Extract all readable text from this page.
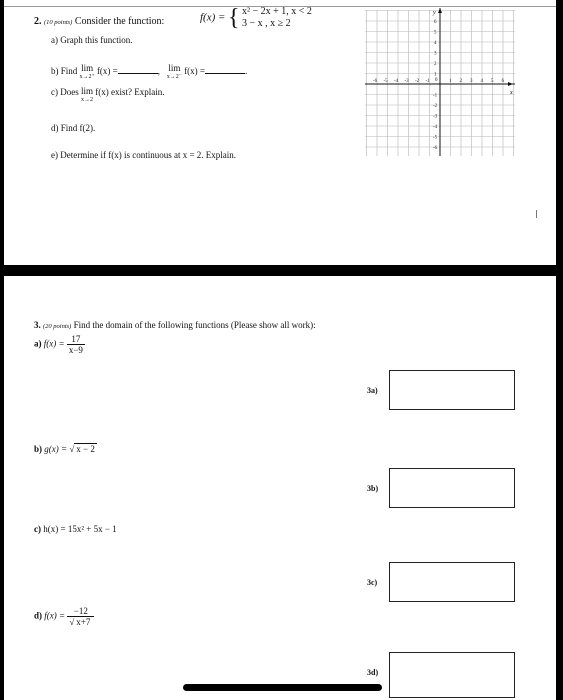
2. (10 points) Consider the function:	f(x) = { x² − 2x + 1, x < 2
3 − x , x ≥ 2
a) Graph this function.
b) Find lim
x→2⁺
f(x) =	, lim
x→2⁻
f(x) =	.
c) Does lim
x→2
f(x) exist? Explain.
d) Find f(2).
e) Determine if f(x) is continuous at x = 2. Explain.
y
x
0
6
5
4
3
2
1
-1
-2
-3
-4
-5
-6
-6 -5 -4 -3 -2 -1	1 2 3 4 5 6
3. (20 points) Find the domain of the following functions (Please show all work):
a) $f(x) = \frac{17}{x-9}$
b) g(x) = √ x − 2
c) h(x) = 15x² + 5x − 1
d) $f(x) = \frac{-12}{√ x+7}$
3a)
3b)
3c)
3d)
